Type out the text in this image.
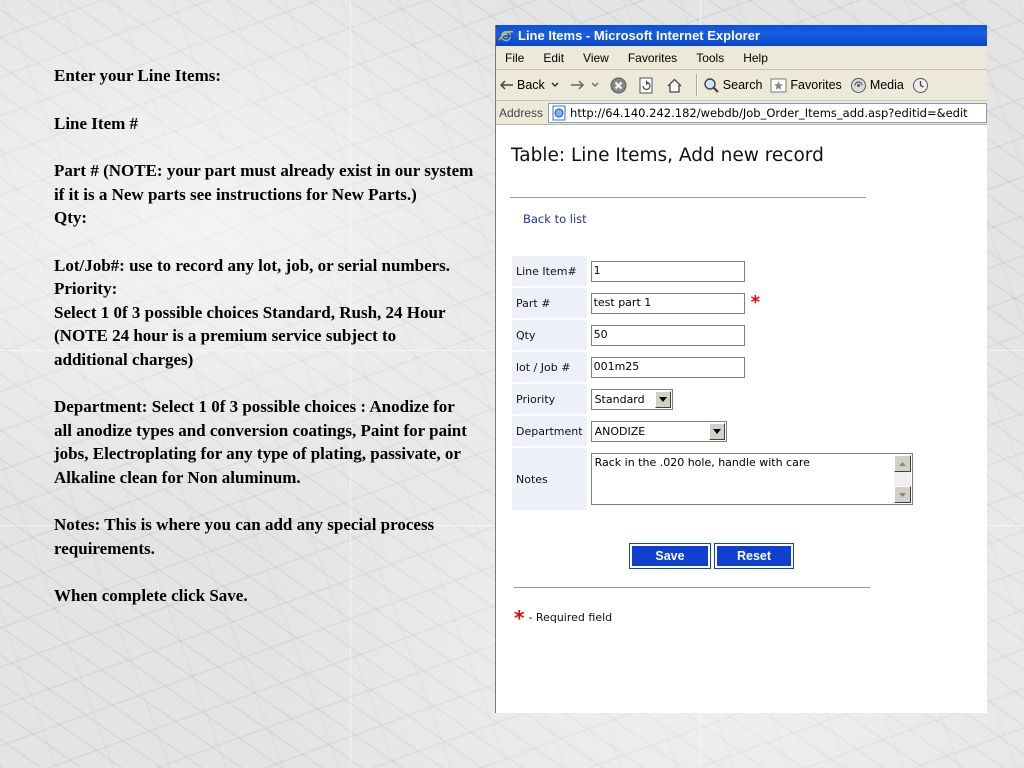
Enter your Line Items:

Line Item #

Part # (NOTE: your part must already exist in our system if it is a New parts see instructions for New Parts.)

Qty:

Lot/Job#: use to record any lot, job, or serial numbers.

Priority:

Select 1 0f 3 possible choices Standard, Rush, 24 Hour (NOTE 24 hour is a premium service subject to additional charges)

Department: Select 1 0f 3 possible choices : Anodize for all anodize types and conversion coatings, Paint for paint jobs, Electroplating for any type of plating, passivate, or Alkaline clean for Non aluminum.

Notes: This is where you can add any special process requirements.

When complete click Save.

Line Items - Microsoft Internet Explorer
File	Edit	View	Favorites	Tools	Help
Back	Search Favorites Media
Address http://64.140.242.182/webdb/Job_Order_Items_add.asp?editid=&edit
Table: Line Items, Add new record
Back to list
Line Item#	1

Part #	test part 1 *
Qty	50

lot / Job #	001m25

Priority	Standard

Department	ANODIZE

Notes	Rack in the .020 hole, handle with care
Save	Reset
* - Required field
